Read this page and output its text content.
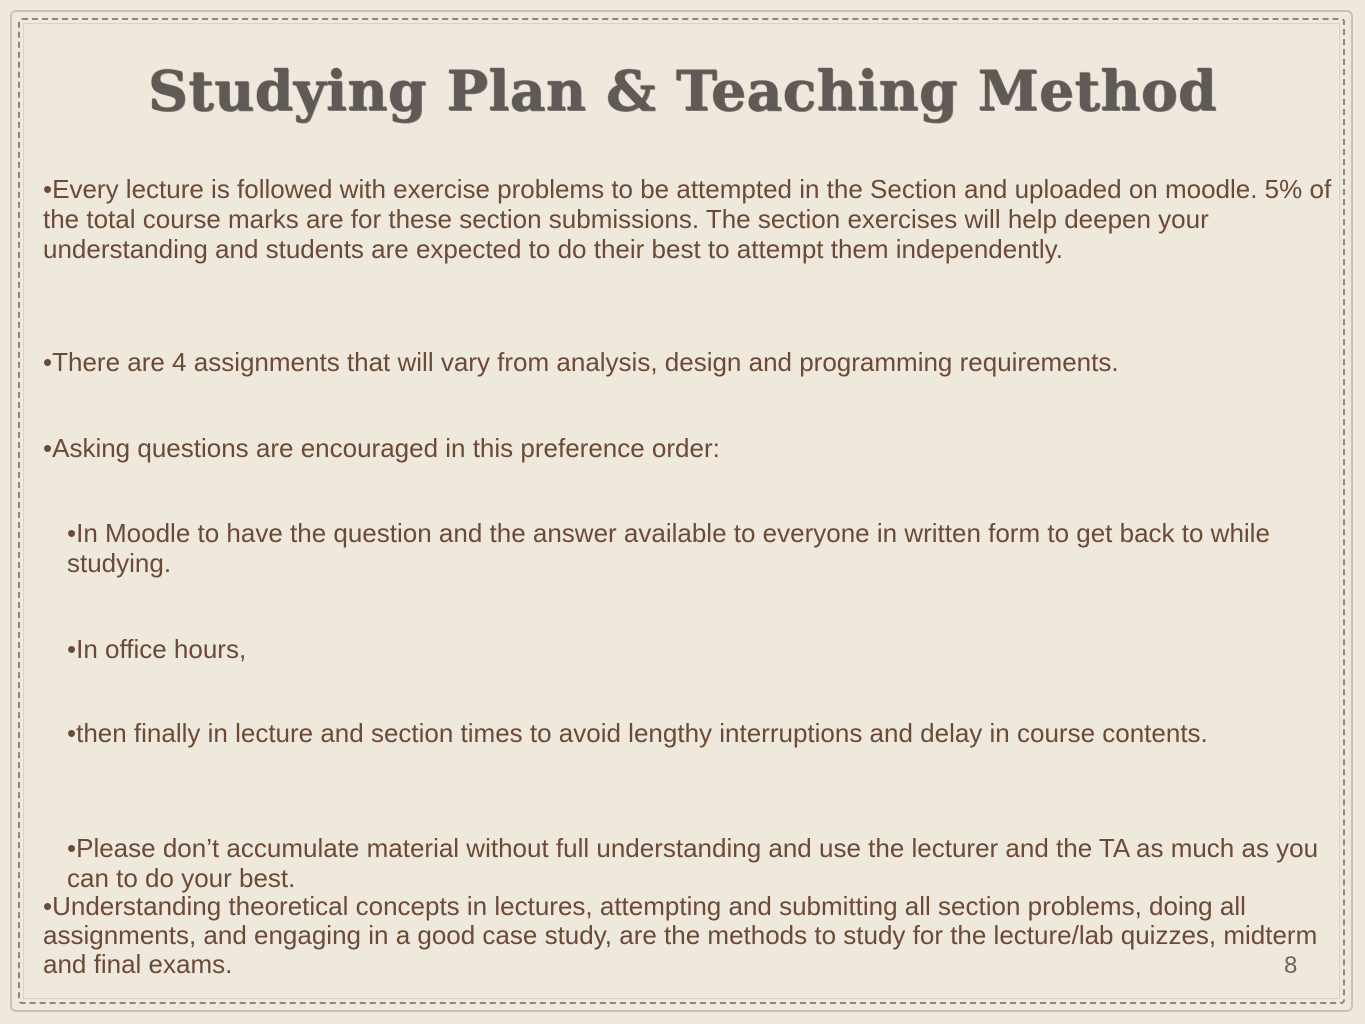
Studying Plan & Teaching Method

•Every lecture is followed with exercise problems to be attempted in the Section and uploaded on moodle. 5% of the total course marks are for these section submissions. The section exercises will help deepen your understanding and students are expected to do their best to attempt them independently.

•There are 4 assignments that will vary from analysis, design and programming requirements.

•Asking questions are encouraged in this preference order:

•In Moodle to have the question and the answer available to everyone in written form to get back to while studying.

•In office hours,

•then finally in lecture and section times to avoid lengthy interruptions and delay in course contents.

•Please don’t accumulate material without full understanding and use the lecturer and the TA as much as you can to do your best.

•Understanding theoretical concepts in lectures, attempting and submitting all section problems, doing all assignments, and engaging in a good case study, are the methods to study for the lecture/lab quizzes, midterm and final exams.	8
